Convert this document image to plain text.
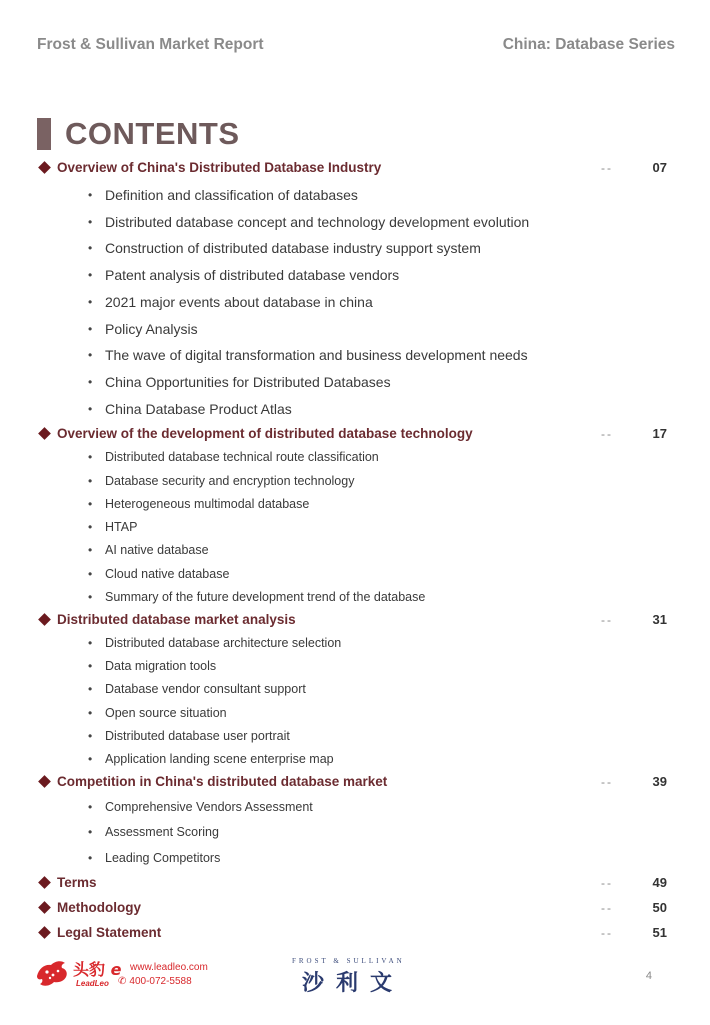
Frost & Sullivan Market Report	China: Database Series
CONTENTS
Overview of China's Distributed Database Industry	--	07
• Definition and classification of databases
• Distributed database concept and technology development evolution
• Construction of distributed database industry support system
• Patent analysis of distributed database vendors
• 2021 major events about database in china
• Policy Analysis
• The wave of digital transformation and business development needs
• China Opportunities for Distributed Databases
• China Database Product Atlas
Overview of the development of distributed database technology	--	17
• Distributed database technical route classification
• Database security and encryption technology
• Heterogeneous multimodal database
• HTAP
• AI native database
• Cloud native database
• Summary of the future development trend of the database
Distributed database market analysis	--	31
• Distributed database architecture selection
• Data migration tools
• Database vendor consultant support
• Open source situation
• Distributed database user portrait
• Application landing scene enterprise map
Competition in China's distributed database market	--	39
• Comprehensive Vendors Assessment
• Assessment Scoring
• Leading Competitors
Terms	--	49
Methodology	--	50
Legal Statement	--	51
头豹 e
LeadLeo
www.leadleo.com
✆ 400-072-5588
FROST & SULLIVAN
沙利文	4
